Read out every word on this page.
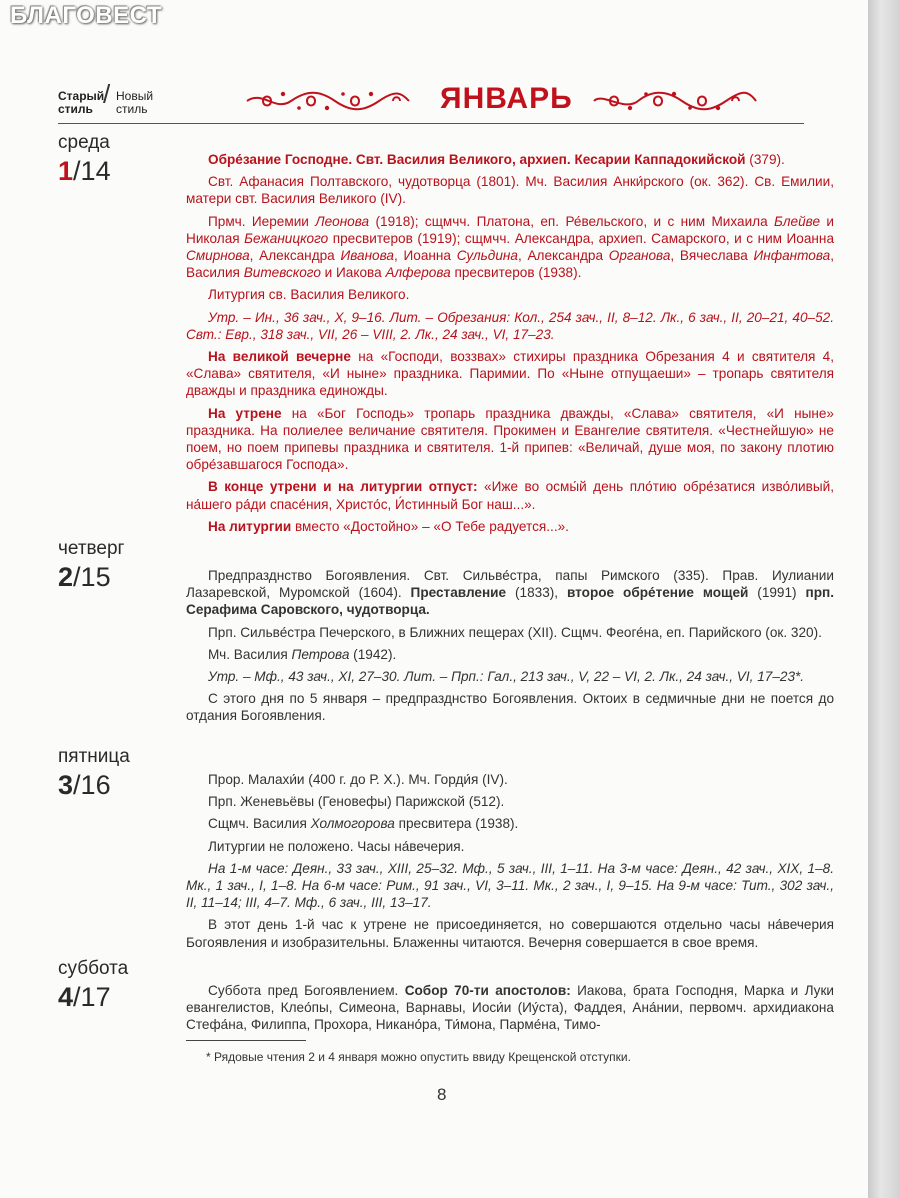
БЛАГОВЕСТ
Старый стиль / Новый стиль	ЯНВАРЬ
среда
1/14	Обре́зание Господне. Свт. Василия Великого, архиеп. Кесарии Каппадокийской (379).

Свт. Афанасия Полтавского, чудотворца (1801). Мч. Василия Анки́рского (ок. 362). Св. Емилии, матери свт. Василия Великого (IV).

Прмч. Иеремии Леонова (1918); сщмчч. Платона, еп. Ре́вельского, и с ним Михаила Блейве и Николая Бежаницкого пресвитеров (1919); сщмчч. Александра, архиеп. Самарского, и с ним Иоанна Смирнова, Александра Иванова, Иоанна Сульдина, Александра Органова, Вячеслава Инфантова, Василия Витевского и Иакова Алферова пресвитеров (1938).

Литургия св. Василия Великого.

Утр. – Ин., 36 зач., X, 9–16. Лит. – Обрезания: Кол., 254 зач., II, 8–12. Лк., 6 зач., II, 20–21, 40–52. Свт.: Евр., 318 зач., VII, 26 – VIII, 2. Лк., 24 зач., VI, 17–23.

На великой вечерне на «Господи, воззвах» стихиры праздника Обрезания 4 и святителя 4, «Слава» святителя, «И ныне» праздника. Паримии. По «Ныне отпущаеши» – тропарь святителя дважды и праздника единожды.

На утрене на «Бог Господь» тропарь праздника дважды, «Слава» святителя, «И ныне» праздника. На полиелее величание святителя. Прокимен и Евангелие святителя. «Честнейшую» не поем, но поем припевы праздника и святителя. 1-й припев: «Величай, душе моя, по закону плотию обре́завшагося Господа».

В конце утрени и на литургии отпуст: «Иже во осмы́й день пло́тию обре́затися изво́ливый, на́шего ра́ди спасе́ния, Христо́с, И́стинный Бог наш...».

На литургии вместо «Достойно» – «О Тебе радуется...».

четверг
2/15	Предпразднство Богоявления. Свт. Сильве́стра, папы Римского (335). Прав. Иулиании Лазаревской, Муромской (1604). Преставление (1833), второе обре́тение мощей (1991) прп. Серафима Саровского, чудотворца.

Прп. Сильве́стра Печерского, в Ближних пещерах (XII). Сщмч. Феоге́на, еп. Парийского (ок. 320).

Мч. Василия Петрова (1942).

Утр. – Мф., 43 зач., XI, 27–30. Лит. – Прп.: Гал., 213 зач., V, 22 – VI, 2. Лк., 24 зач., VI, 17–23*.

С этого дня по 5 января – предпразднство Богоявления. Октоих в седмичные дни не поется до отдания Богоявления.

пятница
3/16	Прор. Малахи́и (400 г. до Р. Х.). Мч. Горди́я (IV).

Прп. Женевьёвы (Геновефы) Парижской (512).

Сщмч. Василия Холмогорова пресвитера (1938).

Литургии не положено. Часы на́вечерия.

На 1-м часе: Деян., 33 зач., XIII, 25–32. Мф., 5 зач., III, 1–11. На 3-м часе: Деян., 42 зач., XIX, 1–8. Мк., 1 зач., I, 1–8. На 6-м часе: Рим., 91 зач., VI, 3–11. Мк., 2 зач., I, 9–15. На 9-м часе: Тит., 302 зач., II, 11–14; III, 4–7. Мф., 6 зач., III, 13–17.

В этот день 1-й час к утрене не присоединяется, но совершаются отдельно часы на́вечерия Богоявления и изобразительны. Блаженны читаются. Вечерня совершается в свое время.

суббота
4/17	Суббота пред Богоявлением. Собор 70-ти апостолов: Иакова, брата Господня, Марка и Луки евангелистов, Клео́пы, Симеона, Варнавы, Иоси́и (Иу́ста), Фаддея, Ана́нии, первомч. архидиакона Стефа́на, Филиппа, Прохора, Никано́ра, Ти́мона, Парме́на, Тимо-

* Рядовые чтения 2 и 4 января можно опустить ввиду Крещенской отступки.
8
